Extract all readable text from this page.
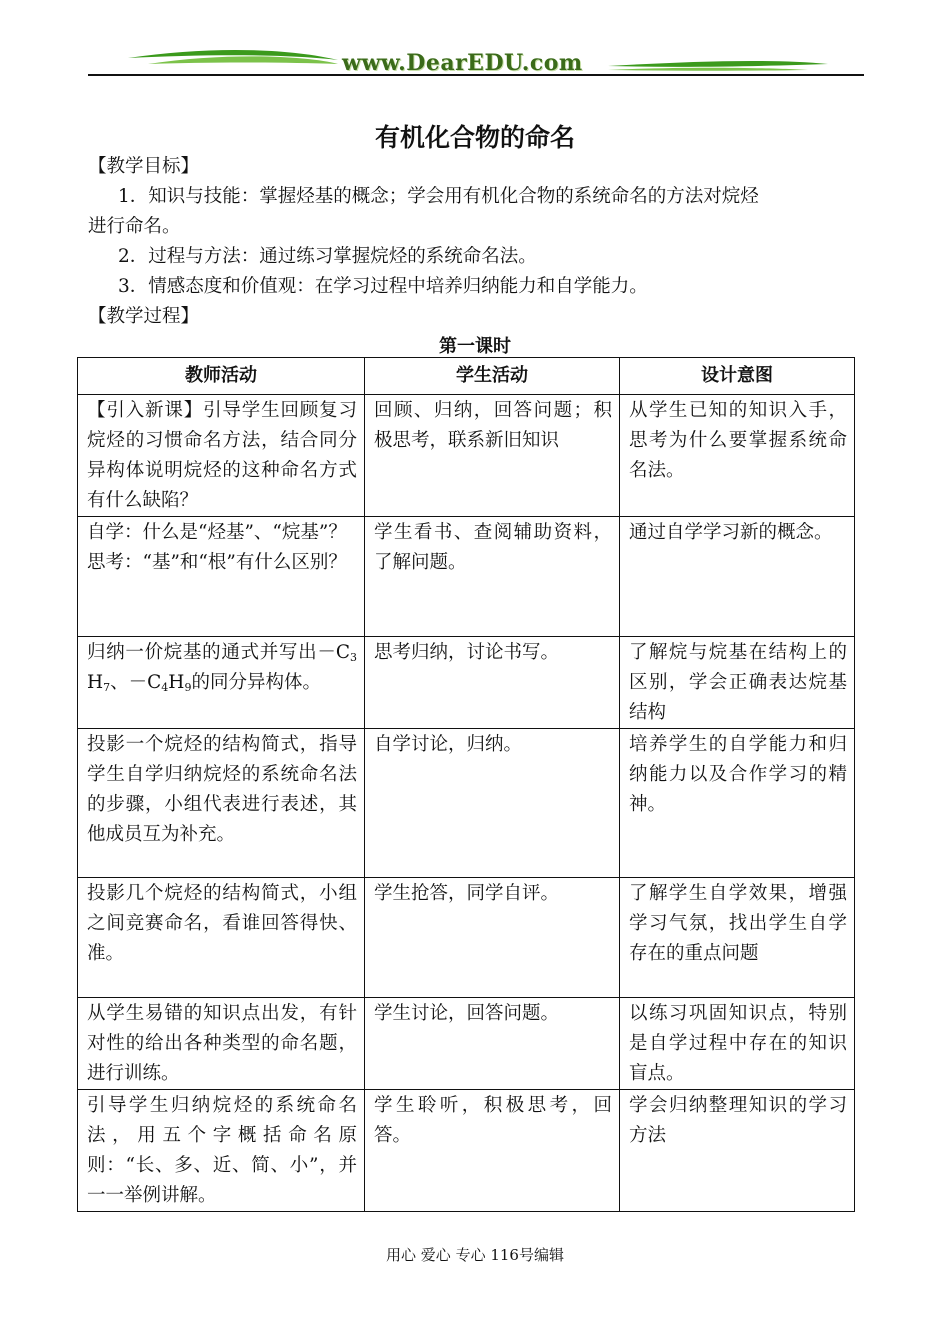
www.DearEDU.com
有机化合物的命名
【教学目标】
1．知识与技能：掌握烃基的概念；学会用有机化合物的系统命名的方法对烷烃
进行命名。
2．过程与方法：通过练习掌握烷烃的系统命名法。
3．情感态度和价值观：在学习过程中培养归纳能力和自学能力。
【教学过程】
第一课时
教师活动	学生活动	设计意图
【引入新课】引导学生回顾复习烷烃的习惯命名方法，结合同分异构体说明烷烃的这种命名方式有什么缺陷？	回顾、归纳，回答问题；积极思考，联系新旧知识	从学生已知的知识入手，思考为什么要掌握系统命名法。

自学：什么是“烃基”、“烷基”？
思考：“基”和“根”有什么区别？	学生看书、查阅辅助资料，了解问题。	通过自学学习新的概念。
归纳一价烷基的通式并写出$-C_3H_7$、$-C_4H_9$的同分异构体。	思考归纳，讨论书写。	了解烷与烷基在结构上的区别，学会正确表达烷基结构
投影一个烷烃的结构简式，指导学生自学归纳烷烃的系统命名法的步骤，小组代表进行表述，其他成员互为补充。	自学讨论，归纳。	培养学生的自学能力和归纳能力以及合作学习的精神。
投影几个烷烃的结构简式，小组之间竞赛命名，看谁回答得快、准。	学生抢答，同学自评。	了解学生自学效果，增强学习气氛，找出学生自学存在的重点问题
从学生易错的知识点出发，有针对性的给出各种类型的命名题，进行训练。	学生讨论，回答问题。	以练习巩固知识点，特别是自学过程中存在的知识盲点。
引导学生归纳烷烃的系统命名法，用五个字概括命名原则：“长、多、近、简、小”，并一一举例讲解。	学生聆听，积极思考，回答。	学会归纳整理知识的学习方法
用心 爱心 专心 116号编辑
